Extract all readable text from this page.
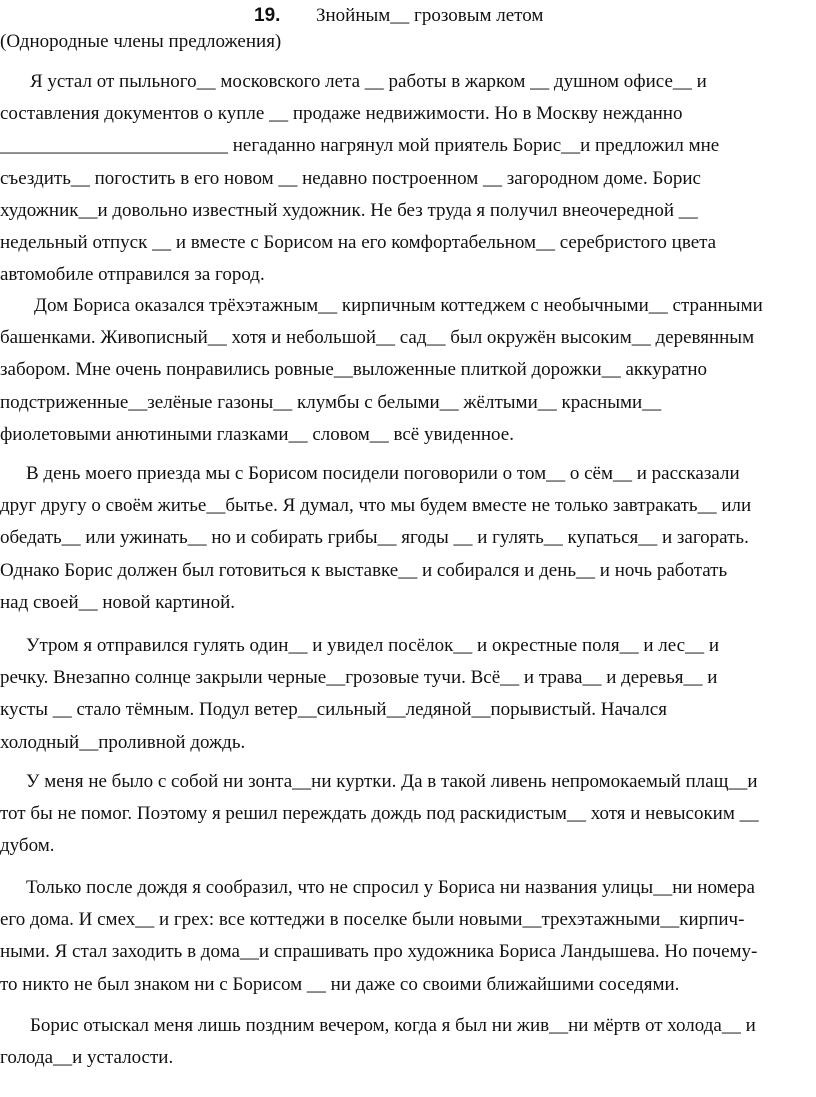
19. Знойным__ грозовым летом
(Однородные члены предложения)
Я устал от пыльного__ московского лета __ работы в жарком __ душном офисе__ и
составления документов о купле __ продаже недвижимости. Но в Москву нежданно
________________________ негаданно нагрянул мой приятель Борис__и предложил мне
съездить__ погостить в его новом __ недавно построенном __ загородном доме. Борис
художник__и довольно известный художник. Не без труда я получил внеочередной __
недельный отпуск __ и вместе с Борисом на его комфортабельном__ серебристого цвета
автомобиле отправился за город.
Дом Бориса оказался трёхэтажным__ кирпичным коттеджем с необычными__ странными
башенками. Живописный__ хотя и небольшой__ сад__ был окружён высоким__ деревянным
забором. Мне очень понравились ровные__выложенные плиткой дорожки__ аккуратно
подстриженные__зелёные газоны__ клумбы с белыми__ жёлтыми__ красными__
фиолетовыми анютиными глазками__ словом__ всё увиденное.
В день моего приезда мы с Борисом посидели поговорили о том__ о сём__ и рассказали
друг другу о своём житье__бытье. Я думал, что мы будем вместе не только завтракать__ или
обедать__ или ужинать__ но и собирать грибы__ ягоды __ и гулять__ купаться__ и загорать.
Однако Борис должен был готовиться к выставке__ и собирался и день__ и ночь работать
над своей__ новой картиной.
Утром я отправился гулять один__ и увидел посёлок__ и окрестные поля__ и лес__ и
речку. Внезапно солнце закрыли черные__грозовые тучи. Всё__ и трава__ и деревья__ и
кусты __ стало тёмным. Подул ветер__сильный__ледяной__порывистый. Начался
холодный__проливной дождь.
У меня не было с собой ни зонта__ни куртки. Да в такой ливень непромокаемый плащ__и
тот бы не помог. Поэтому я решил переждать дождь под раскидистым__ хотя и невысоким __
дубом.
Только после дождя я сообразил, что не спросил у Бориса ни названия улицы__ни номера
его дома. И смех__ и грех: все коттеджи в поселке были новыми__трехэтажными__кирпич-
ными. Я стал заходить в дома__и спрашивать про художника Бориса Ландышева. Но почему-
то никто не был знаком ни с Борисом __ ни даже со своими ближайшими соседями.
Борис отыскал меня лишь поздним вечером, когда я был ни жив__ни мёртв от холода__ и
голода__и усталости.
